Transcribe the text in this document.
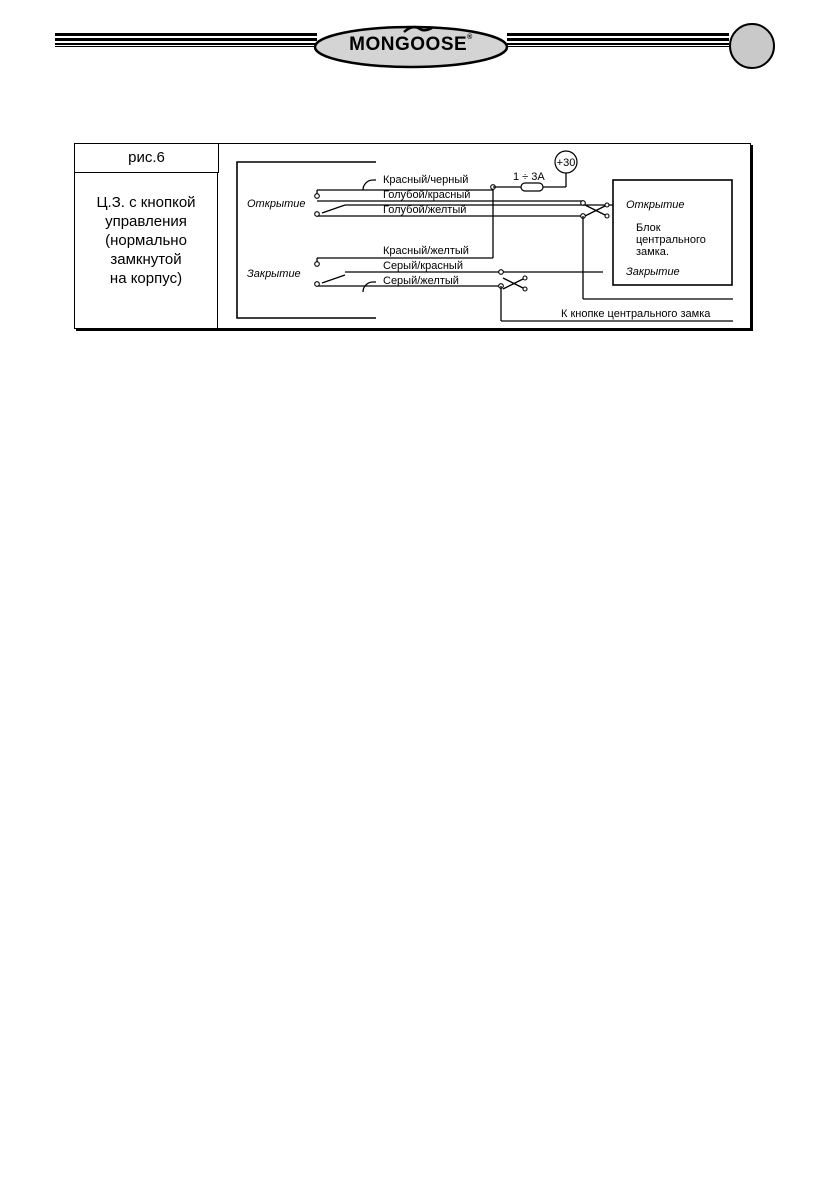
MONGOOSE®
рис.6
Ц.З. с кнопкой
управления
(нормально
замкнутой
на корпус)
+30
Открытие
Закрытие
Красный/черный
Голубой/красный
Голубой/желтый
Красный/желтый
Серый/красный
Серый/желтый
1 ÷ 3A
Открытие
Блок
центрального
замка.
Закрытие
К кнопке центрального замка
